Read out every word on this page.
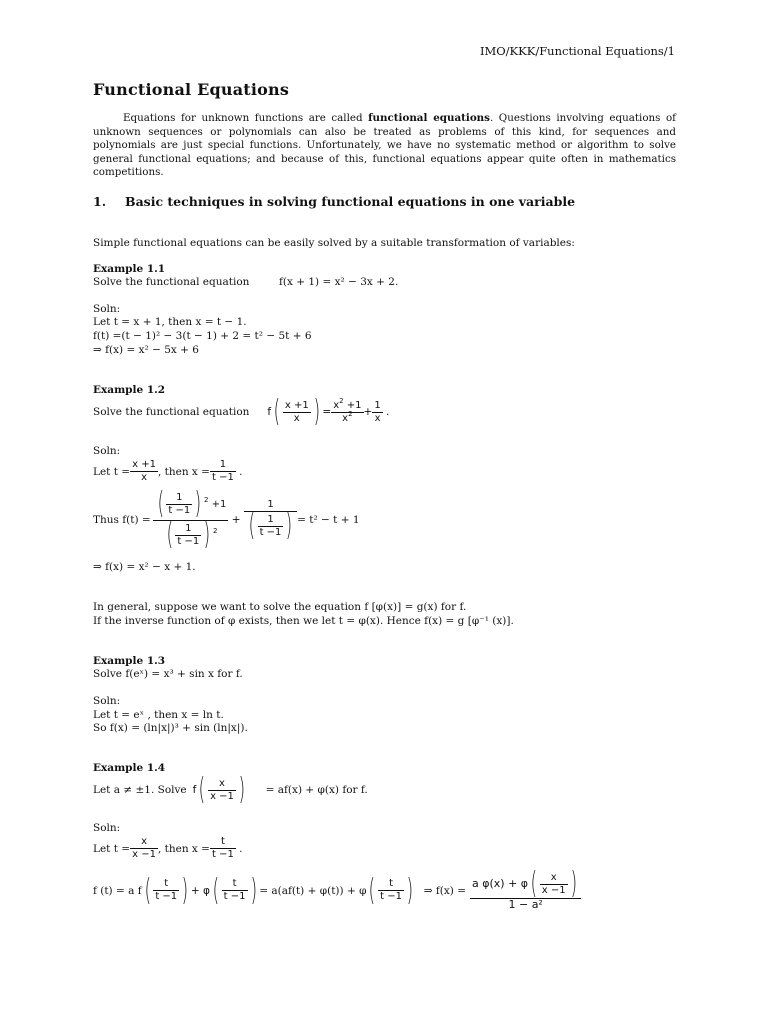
IMO/KKK/Functional Equations/1
Functional Equations
Equations for unknown functions are called functional equations. Questions involving equations of unknown sequences or polynomials can also be treated as problems of this kind, for sequences and polynomials are just special functions. Unfortunately, we have no systematic method or algorithm to solve general functional equations; and because of this, functional equations appear quite often in mathematics competitions.
1. Basic techniques in solving functional equations in one variable
Simple functional equations can be easily solved by a suitable transformation of variables:
Example 1.1
Solve the functional equation	f(x + 1) = x² − 3x + 2.
Soln:
Let t = x + 1, then x = t − 1.
f(t) =(t − 1)² − 3(t − 1) + 2 = t² − 5t + 6
⇒ f(x) = x² − 5x + 6
Example 1.2
Solve the functional equation f ( $\frac{x +1}{x}$ ) = $\frac{x^2 +1}{x^2} + \frac{1}{x}$ .
Soln:
Let $t = \frac{x +1}{x}$ , then $x = \frac{1}{t -1}$ .
Thus $f(t) = \frac{( \frac{1}{t -1} ) ^2 +1}{( \frac{1}{t -1} ) ^2} + \frac{1}{( \frac{1}{t -1} )} = t^2 - t + 1$
⇒ f(x) = x² − x + 1.
In general, suppose we want to solve the equation f [φ(x)] = g(x) for f.
If the inverse function of φ exists, then we let t = φ(x). Hence f(x) = g [φ⁻¹ (x)].
Example 1.3
Solve f(eˣ) = x³ + sin x for f.
Soln:
Let t = eˣ , then x = ln t.
So f(x) = (ln|x|)³ + sin (ln|x|).
Example 1.4
Let a ≠ ±1. Solve f ( $\frac{x}{x -1}$ ) = af(x) + φ(x) for f.
Soln:
Let $t = \frac{x}{x -1}$ , then $x = \frac{t}{t -1}$ .
f (t) = a f ( $\frac{t}{t -1}$ ) + φ ( $\frac{t}{t -1}$ ) = a(af(t) + φ(t)) + φ ( $\frac{t}{t -1}$ ) ⇒ $f(x) = \frac{a \varphi(x) + \varphi( \frac{x}{x -1} )}{\text{1 − a²}}$
